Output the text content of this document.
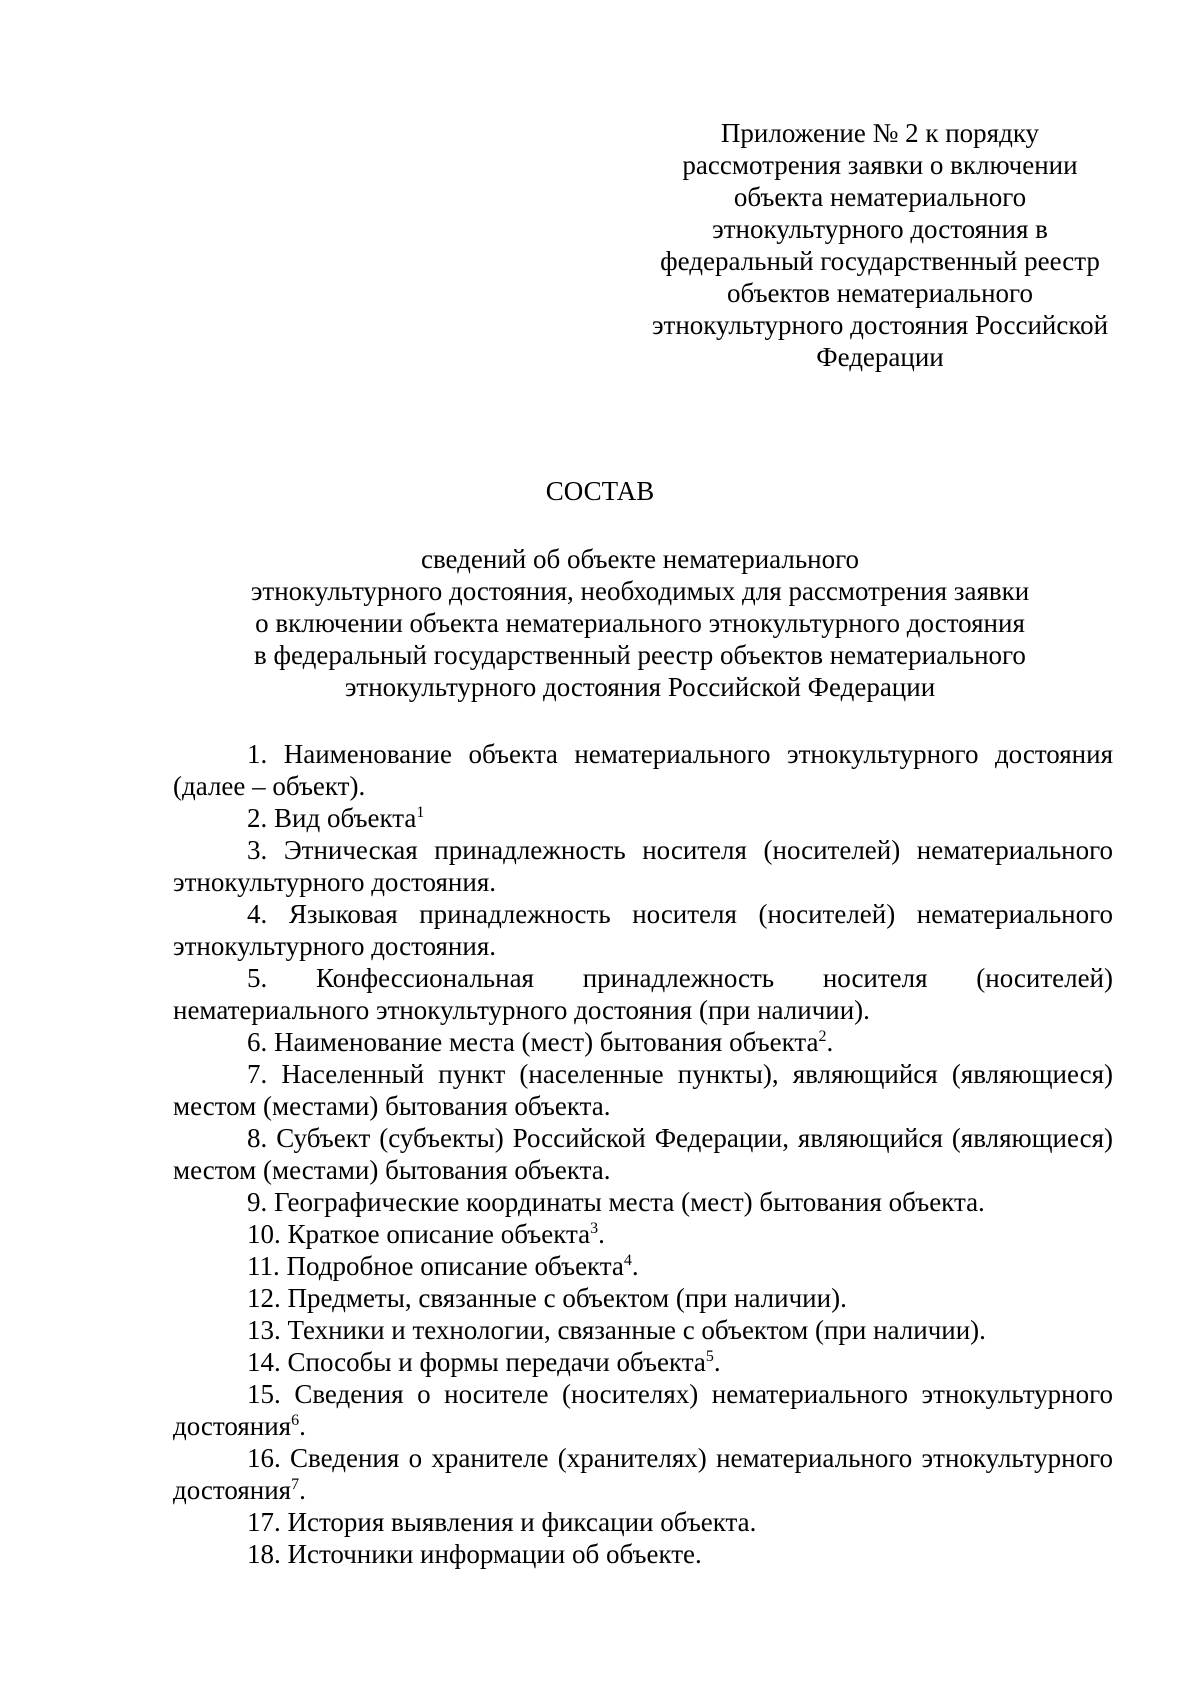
Приложение № 2 к порядку
рассмотрения заявки о включении
объекта нематериального
этнокультурного достояния в
федеральный государственный реестр
объектов нематериального
этнокультурного достояния Российской
Федерации
СОСТАВ
сведений об объекте нематериального
этнокультурного достояния, необходимых для рассмотрения заявки
о включении объекта нематериального этнокультурного достояния
в федеральный государственный реестр объектов нематериального
этнокультурного достояния Российской Федерации

1. Наименование объекта нематериального этнокультурного достояния (далее – объект).

2. Вид объекта$^1$

3. Этническая принадлежность носителя (носителей) нематериального этнокультурного достояния.

4. Языковая принадлежность носителя (носителей) нематериального этнокультурного достояния.

5. Конфессиональная принадлежность носителя (носителей) нематериального этнокультурного достояния (при наличии).

6. Наименование места (мест) бытования объекта$^2$.

7. Населенный пункт (населенные пункты), являющийся (являющиеся) местом (местами) бытования объекта.

8. Субъект (субъекты) Российской Федерации, являющийся (являющиеся) местом (местами) бытования объекта.

9. Географические координаты места (мест) бытования объекта.

10. Краткое описание объекта$^3$.

11. Подробное описание объекта$^4$.

12. Предметы, связанные с объектом (при наличии).

13. Техники и технологии, связанные с объектом (при наличии).

14. Способы и формы передачи объекта$^5$.

15. Сведения о носителе (носителях) нематериального этнокультурного достояния$^6$.

16. Сведения о хранителе (хранителях) нематериального этнокультурного достояния$^7$.

17. История выявления и фиксации объекта.

18. Источники информации об объекте.
